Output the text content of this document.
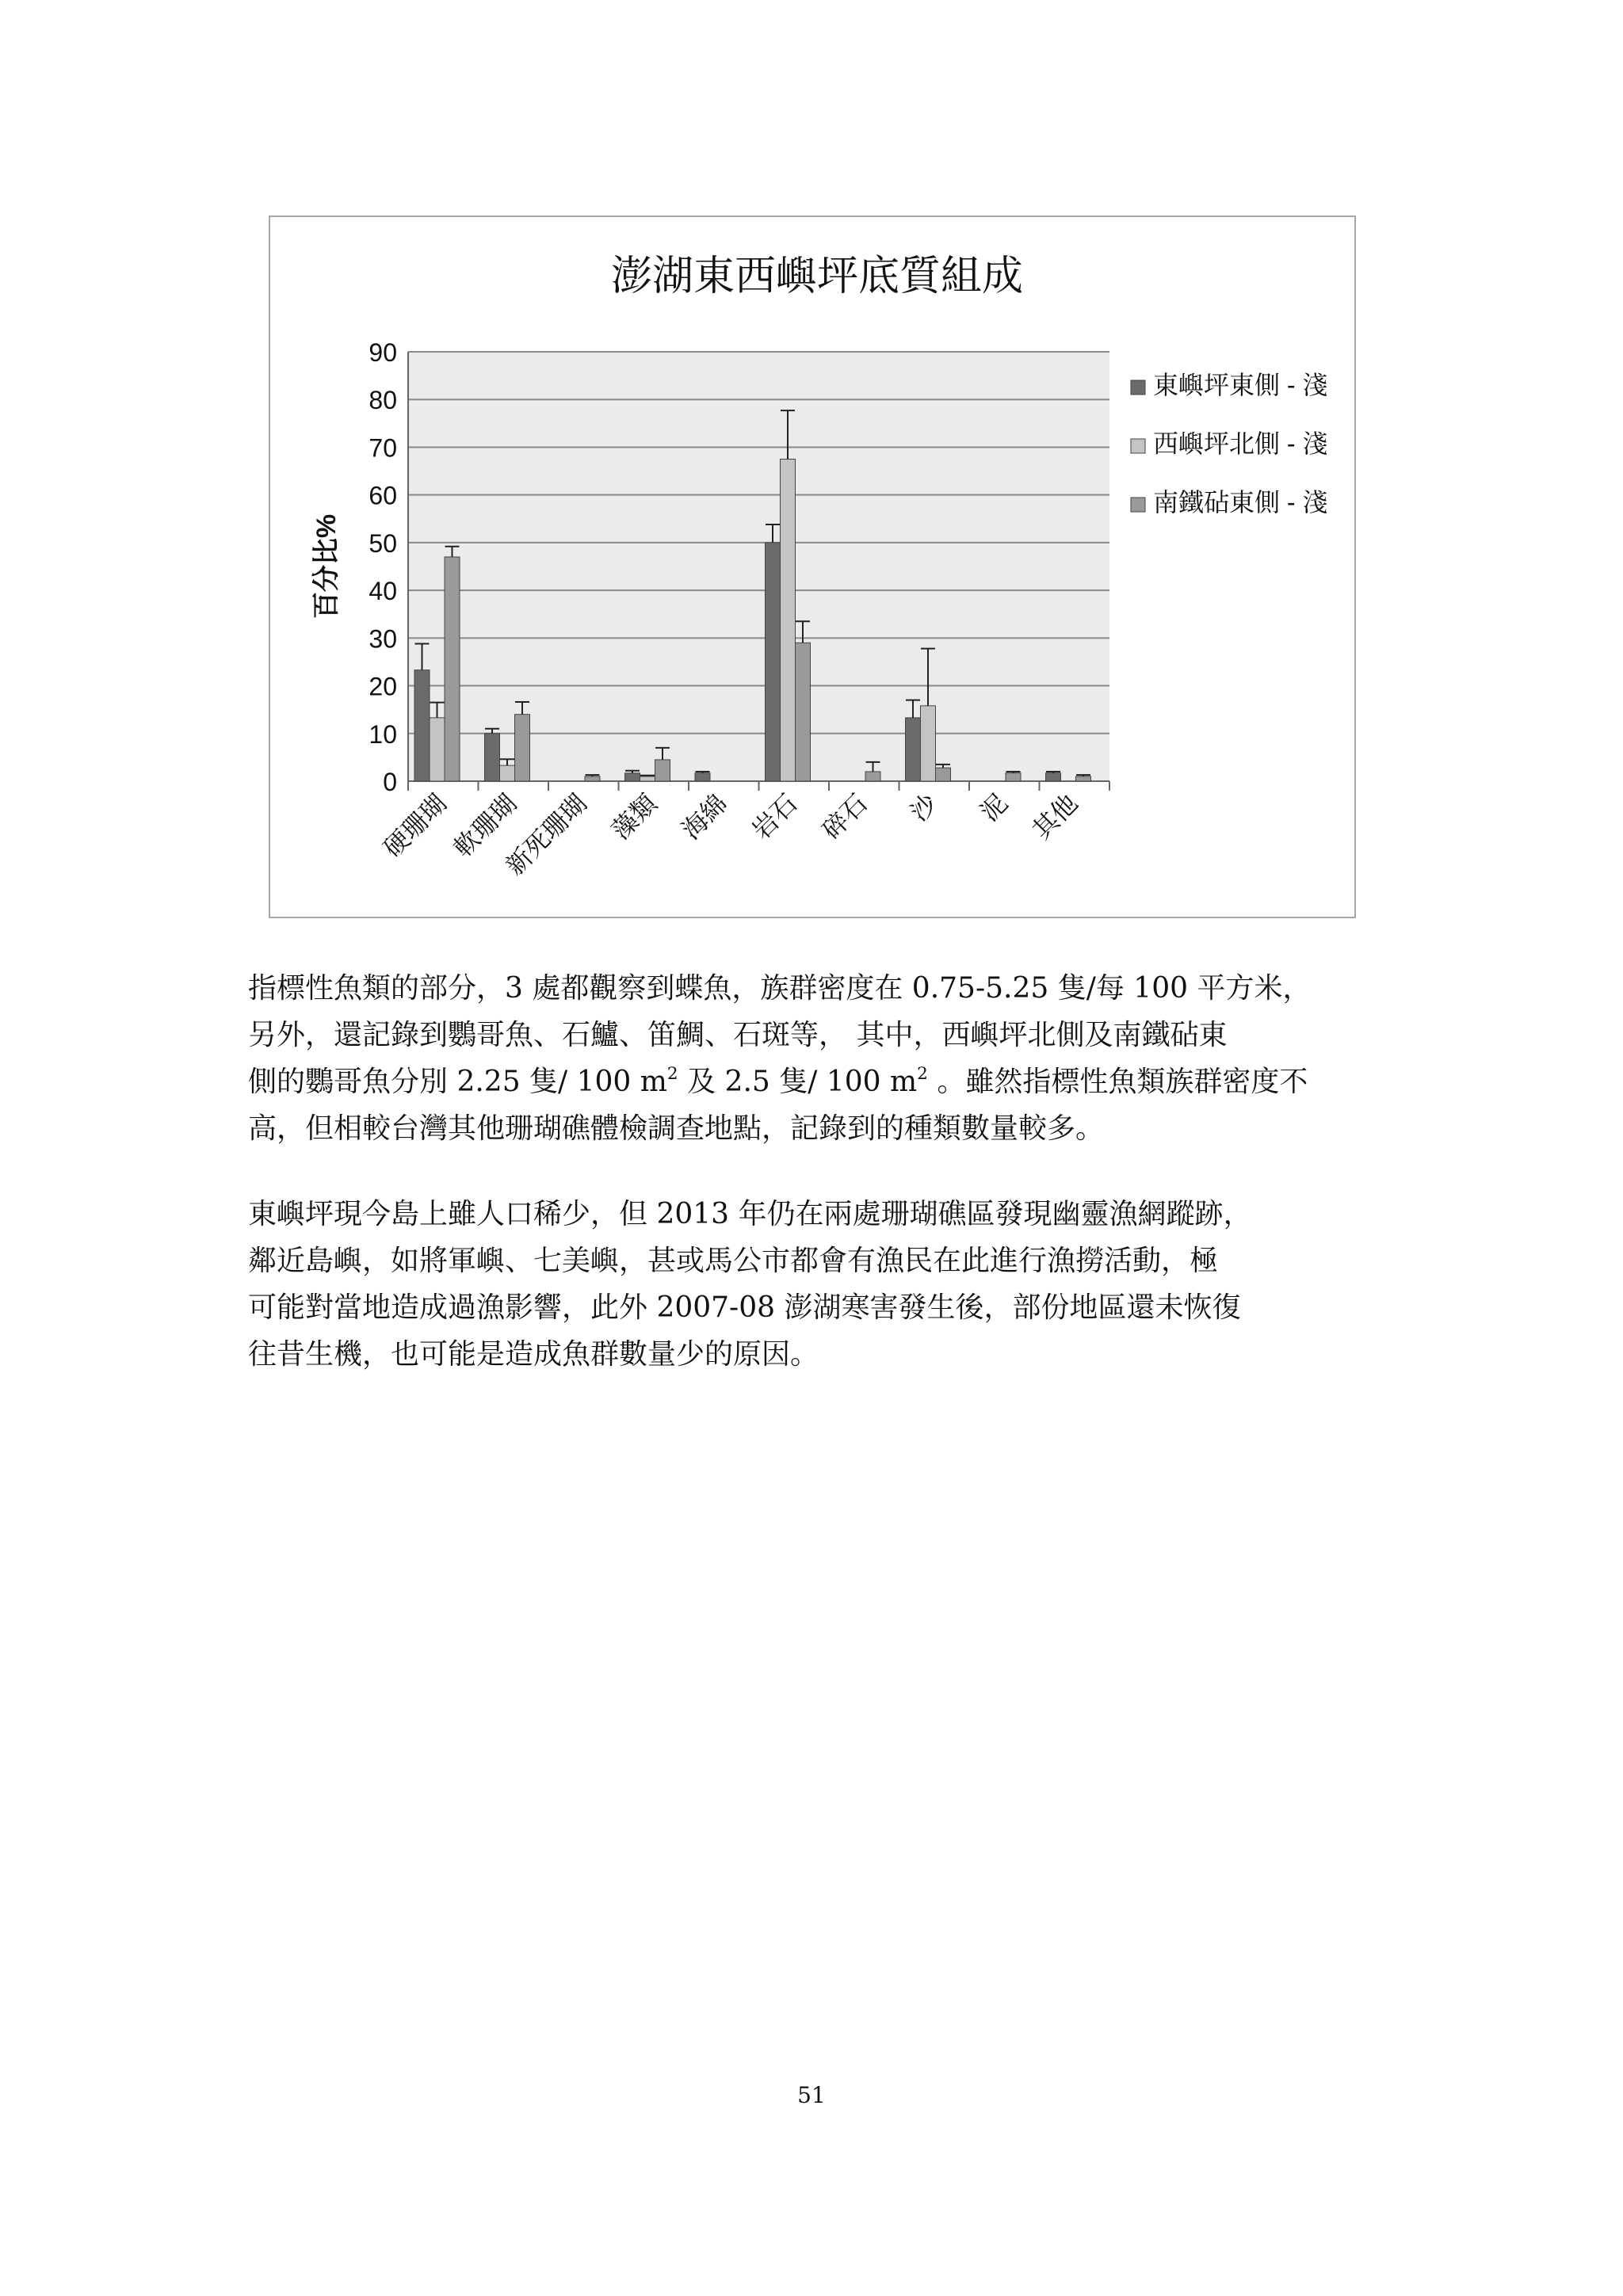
澎湖東西嶼坪底質組成
0
10
20
30
40
50
60
70
80
90
百分比%
硬珊瑚
軟珊瑚
新死珊瑚 藻類 海綿 岩石 碎石 沙 泥 其他
東嶼坪東側 - 淺
西嶼坪北側 - 淺
南鐵砧東側 - 淺

指標性魚類的部分，3 處都觀察到蝶魚，族群密度在 0.75-5.25 隻/每 100 平方米，
另外，還記錄到鸚哥魚、石鱸、笛鯛、石斑等， 其中，西嶼坪北側及南鐵砧東
側的鸚哥魚分別 2.25 隻/ 100 $m^2$ 及 2.5 隻/ 100 $m^2$ 。雖然指標性魚類族群密度不
高，但相較台灣其他珊瑚礁體檢調查地點，記錄到的種類數量較多。

東嶼坪現今島上雖人口稀少，但 2013 年仍在兩處珊瑚礁區發現幽靈漁網蹤跡，
鄰近島嶼，如將軍嶼、七美嶼，甚或馬公市都會有漁民在此進行漁撈活動，極
可能對當地造成過漁影響，此外 2007-08 澎湖寒害發生後，部份地區還未恢復
往昔生機，也可能是造成魚群數量少的原因。

51
